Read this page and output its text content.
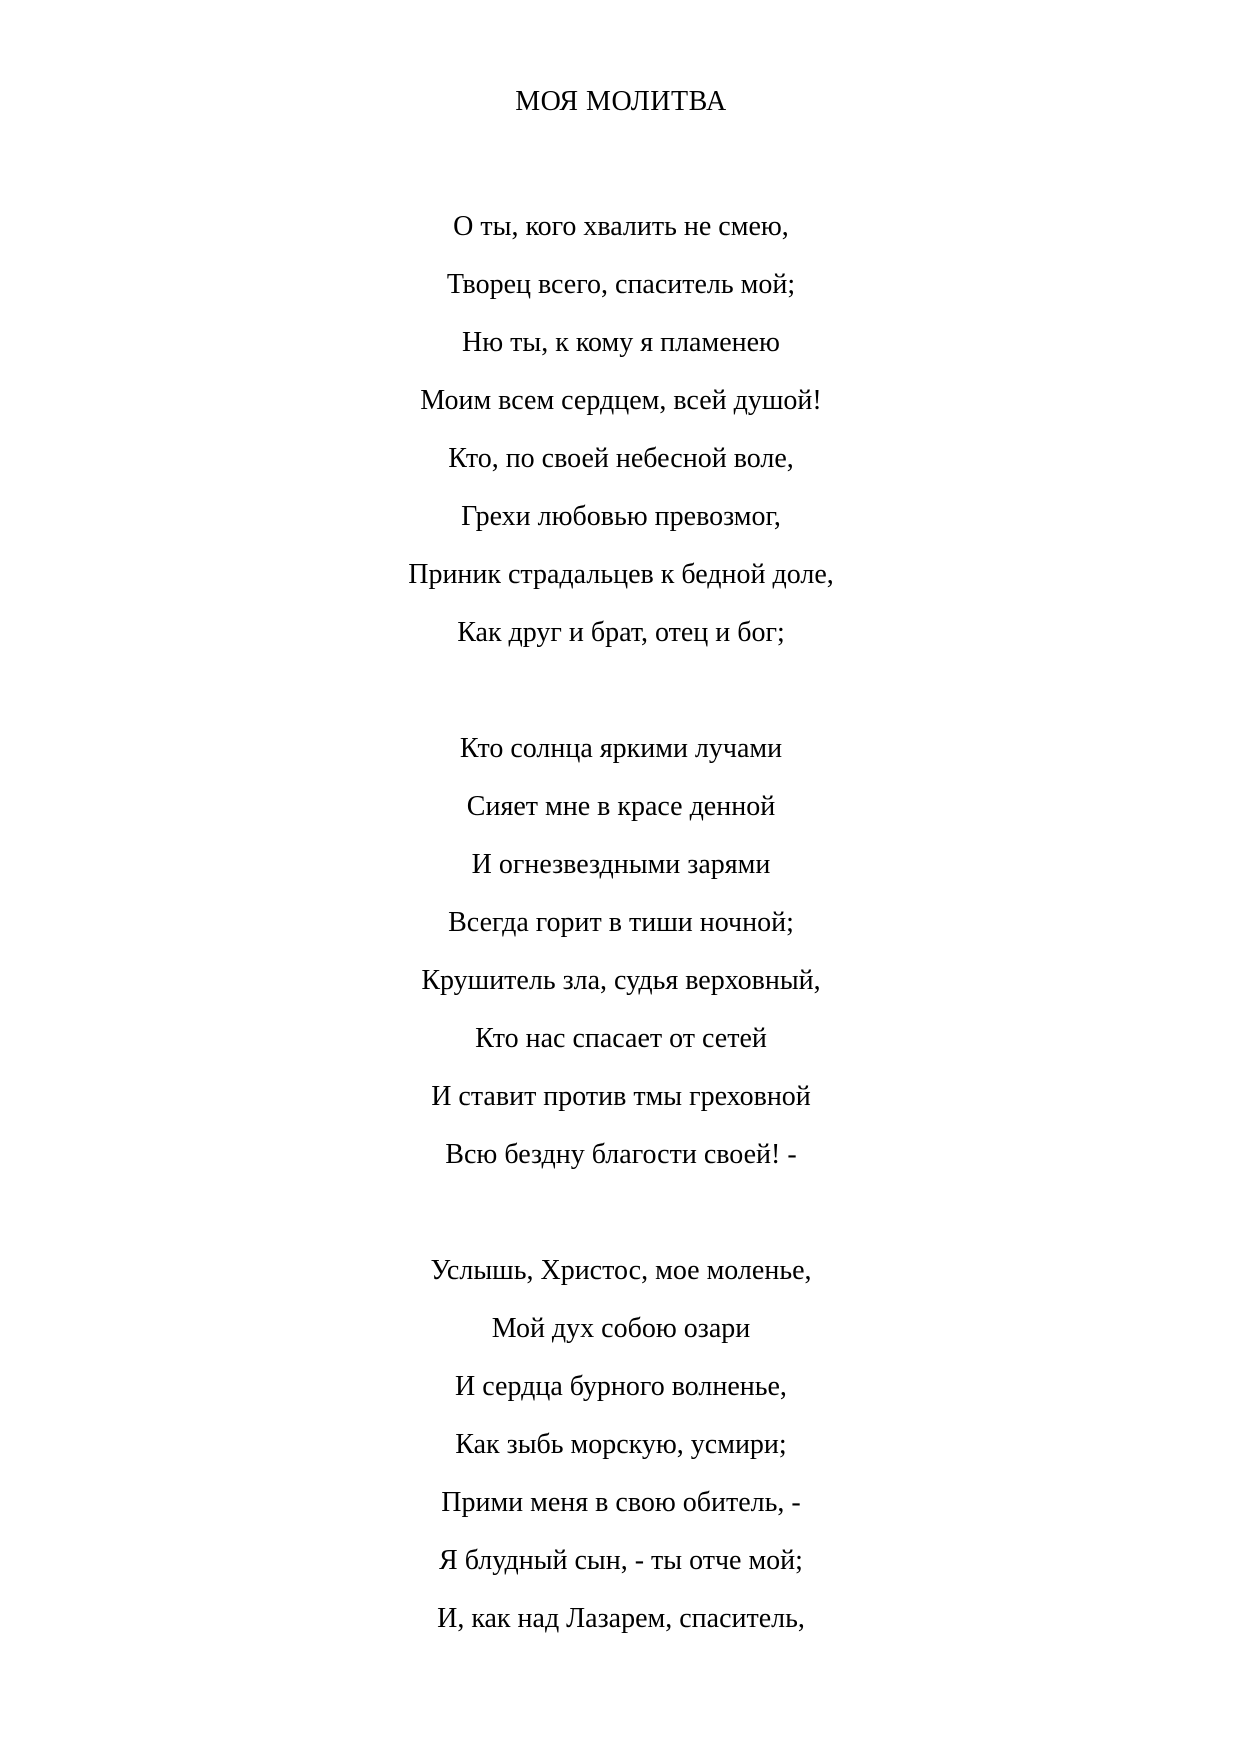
МОЯ МОЛИТВА
О ты, кого хвалить не смею,
Творец всего, спаситель мой;
Ню ты, к кому я пламенею
Моим всем сердцем, всей душой!
Кто, по своей небесной воле,
Грехи любовью превозмог,
Приник страдальцев к бедной доле,
Как друг и брат, отец и бог;
Кто солнца яркими лучами
Сияет мне в красе денной
И огнезвездными зарями
Всегда горит в тиши ночной;
Крушитель зла, судья верховный,
Кто нас спасает от сетей
И ставит против тмы греховной
Всю бездну благости своей! -
Услышь, Христос, мое моленье,
Мой дух собою озари
И сердца бурного волненье,
Как зыбь морскую, усмири;
Прими меня в свою обитель, -
Я блудный сын, - ты отче мой;
И, как над Лазарем, спаситель,
